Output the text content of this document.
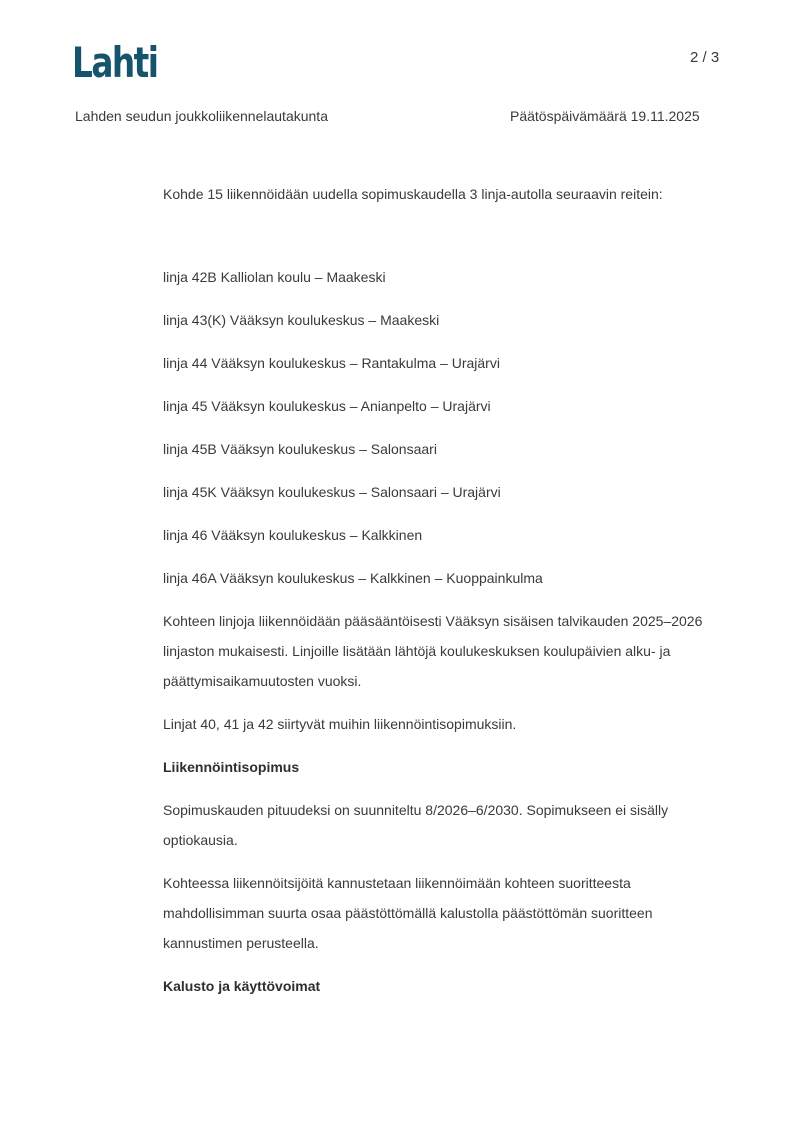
Lahti	2 / 3
Lahden seudun joukkoliikennelautakunta	Päätöspäivämäärä 19.11.2025

Kohde 15 liikennöidään uudella sopimuskaudella 3 linja-autolla seuraavin reitein:

linja 42B Kalliolan koulu – Maakeski

linja 43(K) Vääksyn koulukeskus – Maakeski

linja 44 Vääksyn koulukeskus – Rantakulma – Urajärvi

linja 45 Vääksyn koulukeskus – Anianpelto – Urajärvi

linja 45B Vääksyn koulukeskus – Salonsaari

linja 45K Vääksyn koulukeskus – Salonsaari – Urajärvi

linja 46 Vääksyn koulukeskus – Kalkkinen

linja 46A Vääksyn koulukeskus – Kalkkinen – Kuoppainkulma

Kohteen linjoja liikennöidään pääsääntöisesti Vääksyn sisäisen talvikauden 2025–2026 linjaston mukaisesti. Linjoille lisätään lähtöjä koulukeskuksen koulupäivien alku- ja päättymisaikamuutosten vuoksi.

Linjat 40, 41 ja 42 siirtyvät muihin liikennöintisopimuksiin.

Liikennöintisopimus

Sopimuskauden pituudeksi on suunniteltu 8/2026–6/2030. Sopimukseen ei sisälly optiokausia.

Kohteessa liikennöitsijöitä kannustetaan liikennöimään kohteen suoritteesta mahdollisimman suurta osaa päästöttömällä kalustolla päästöttömän suoritteen kannustimen perusteella.

Kalusto ja käyttövoimat
